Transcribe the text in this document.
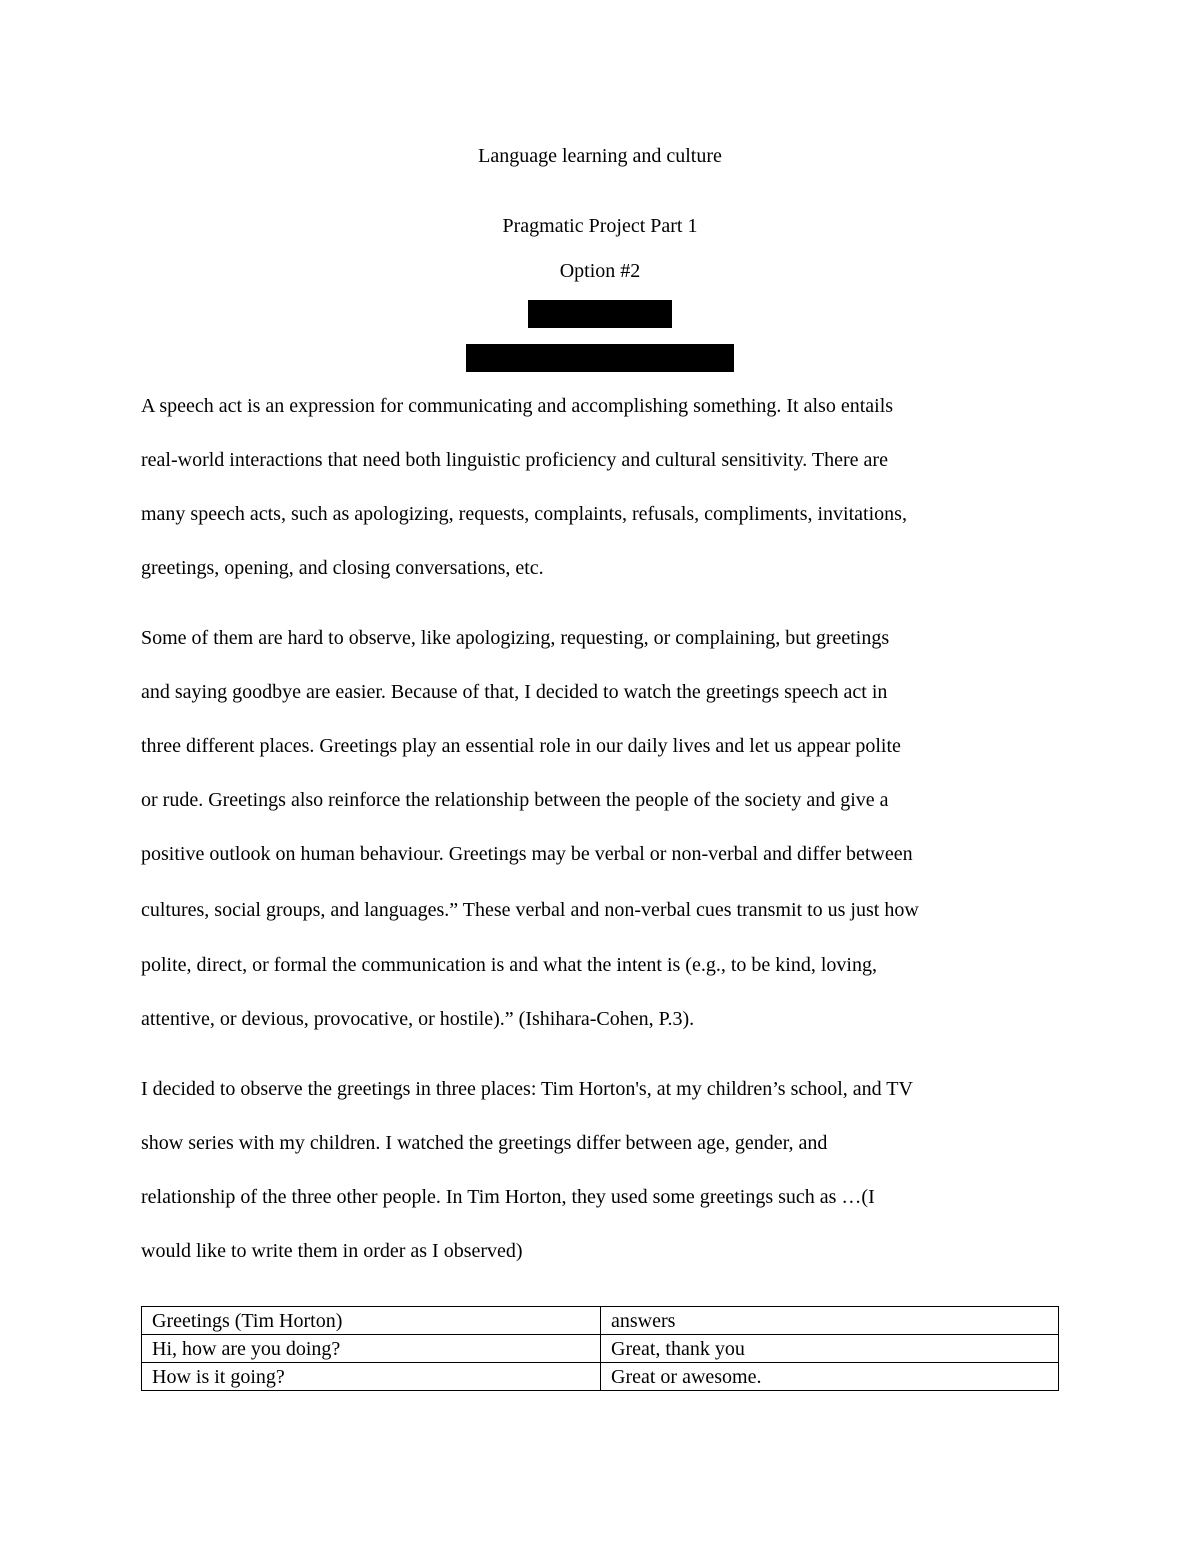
Language learning and culture
Pragmatic Project Part 1
Option #2
A speech act is an expression for communicating and accomplishing something. It also entails
real-world interactions that need both linguistic proficiency and cultural sensitivity. There are
many speech acts, such as apologizing, requests, complaints, refusals, compliments, invitations,
greetings, opening, and closing conversations, etc.
Some of them are hard to observe, like apologizing, requesting, or complaining, but greetings
and saying goodbye are easier. Because of that, I decided to watch the greetings speech act in
three different places. Greetings play an essential role in our daily lives and let us appear polite
or rude. Greetings also reinforce the relationship between the people of the society and give a
positive outlook on human behaviour. Greetings may be verbal or non-verbal and differ between
cultures, social groups, and languages.” These verbal and non-verbal cues transmit to us just how
polite, direct, or formal the communication is and what the intent is (e.g., to be kind, loving,
attentive, or devious, provocative, or hostile).” (Ishihara-Cohen, P.3).
I decided to observe the greetings in three places: Tim Horton's, at my children’s school, and TV
show series with my children. I watched the greetings differ between age, gender, and
relationship of the three other people. In Tim Horton, they used some greetings such as …(I
would like to write them in order as I observed)
Greetings (Tim Horton)	answers
Hi, how are you doing?	Great, thank you
How is it going?	Great or awesome.
